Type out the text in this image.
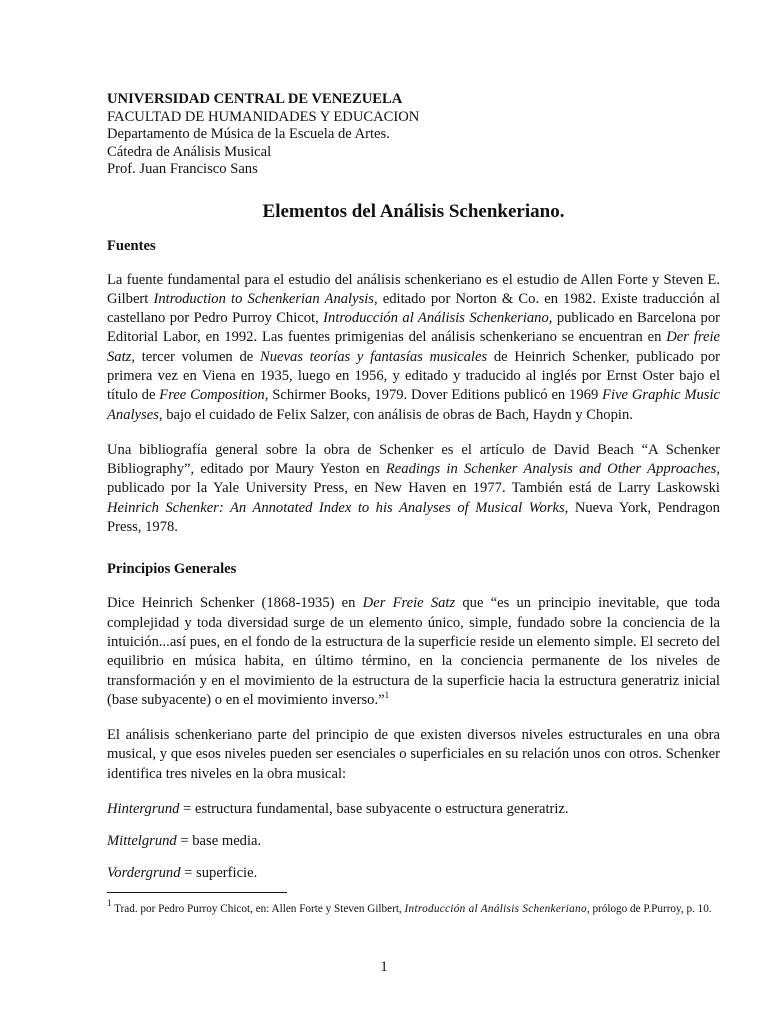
UNIVERSIDAD CENTRAL DE VENEZUELA

FACULTAD DE HUMANIDADES Y EDUCACION

Departamento de Música de la Escuela de Artes.

Cátedra de Análisis Musical

Prof. Juan Francisco Sans

Elementos del Análisis Schenkeriano.
Fuentes

La fuente fundamental para el estudio del análisis schenkeriano es el estudio de Allen Forte y Steven E. Gilbert Introduction to Schenkerian Analysis, editado por Norton & Co. en 1982. Existe traducción al castellano por Pedro Purroy Chicot, Introducción al Análisis Schenkeriano, publicado en Barcelona por Editorial Labor, en 1992. Las fuentes primigenias del análisis schenkeriano se encuentran en Der freie Satz, tercer volumen de Nuevas teorías y fantasías musicales de Heinrich Schenker, publicado por primera vez en Viena en 1935, luego en 1956, y editado y traducido al inglés por Ernst Oster bajo el título de Free Composition, Schirmer Books, 1979. Dover Editions publicó en 1969 Five Graphic Music Analyses, bajo el cuidado de Felix Salzer, con análisis de obras de Bach, Haydn y Chopin.

Una bibliografía general sobre la obra de Schenker es el artículo de David Beach “A Schenker Bibliography”, editado por Maury Yeston en Readings in Schenker Analysis and Other Approaches, publicado por la Yale University Press, en New Haven en 1977. También está de Larry Laskowski Heinrich Schenker: An Annotated Index to his Analyses of Musical Works, Nueva York, Pendragon Press, 1978.

Principios Generales

Dice Heinrich Schenker (1868-1935) en Der Freie Satz que “es un principio inevitable, que toda complejidad y toda diversidad surge de un elemento único, simple, fundado sobre la conciencia de la intuición...así pues, en el fondo de la estructura de la superficie reside un elemento simple. El secreto del equilibrio en música habita, en último término, en la conciencia permanente de los niveles de transformación y en el movimiento de la estructura de la superficie hacia la estructura generatriz inicial (base subyacente) o en el movimiento inverso.”$^1$

El análisis schenkeriano parte del principio de que existen diversos niveles estructurales en una obra musical, y que esos niveles pueden ser esenciales o superficiales en su relación unos con otros. Schenker identifica tres niveles en la obra musical:

Hintergrund = estructura fundamental, base subyacente o estructura generatriz.

Mittelgrund = base media.

Vordergrund = superficie.

$^1$ Trad. por Pedro Purroy Chicot, en: Allen Forte y Steven Gilbert, Introducción al Análisis Schenkeriano, prólogo de P.Purroy, p. 10.
1
